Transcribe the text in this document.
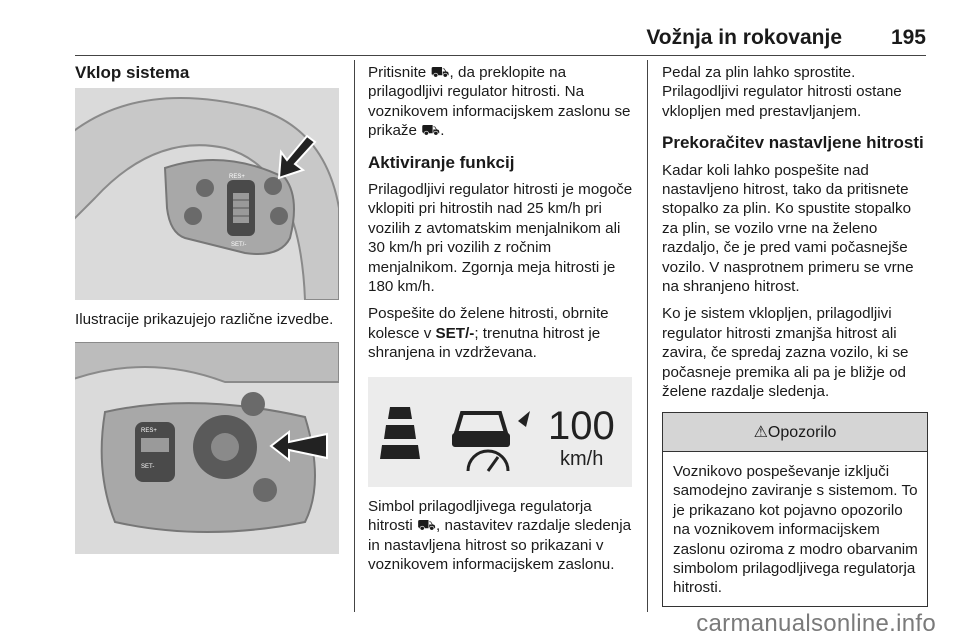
Vožnja in rokovanje 195
Vklop sistema
RES+
SET/-

Ilustracije prikazujejo različne izvedbe.

RES+
SET-

Pritisnite ⛟, da preklopite na prilagodljivi regulator hitrosti. Na voznikovem informacijskem zaslonu se prikaže ⛟.

Aktiviranje funkcij

Prilagodljivi regulator hitrosti je mogoče vklopiti pri hitrostih nad 25 km/h pri vozilih z avtomatskim menjalnikom ali 30 km/h pri vozilih z ročnim menjalnikom. Zgornja meja hitrosti je 180 km/h.

Pospešite do želene hitrosti, obrnite kolesce v SET/-; trenutna hitrost je shranjena in vzdrževana.

100
km/h

Simbol prilagodljivega regulatorja hitrosti ⛟, nastavitev razdalje sledenja in nastavljena hitrost so prikazani v voznikovem informacijskem zaslonu.

Pedal za plin lahko sprostite. Prilagodljivi regulator hitrosti ostane vklopljen med prestavljanjem.

Prekoračitev nastavljene hitrosti

Kadar koli lahko pospešite nad nastavljeno hitrost, tako da pritisnete stopalko za plin. Ko spustite stopalko za plin, se vozilo vrne na želeno razdaljo, če je pred vami počasnejše vozilo. V nasprotnem primeru se vrne na shranjeno hitrost.

Ko je sistem vklopljen, prilagodljivi regulator hitrosti zmanjša hitrost ali zavira, če spredaj zazna vozilo, ki se počasneje premika ali pa je bližje od želene razdalje sledenja.

⚠Opozorilo
Voznikovo pospeševanje izključi samodejno zaviranje s sistemom. To je prikazano kot pojavno opozorilo na voznikovem informacijskem zaslonu oziroma z modro obarvanim simbolom prilagodljivega regulatorja hitrosti.
carmanualsonline.info
